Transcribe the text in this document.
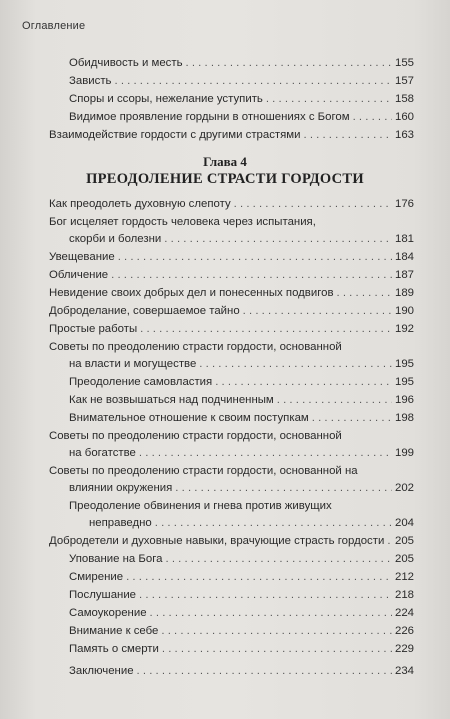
Оглавление
Обидчивость и месть . . .	155
Зависть . . .	157
Споры и ссоры, нежелание уступить . . .	158
Видимое проявление гордыни в отношениях с Богом . . .	160
Взаимодействие гордости с другими страстями . . .	163
Глава 4
ПРЕОДОЛЕНИЕ СТРАСТИ ГОРДОСТИ
Как преодолеть духовную слепоту . . .	176
Бог исцеляет гордость человека через испытания,
скорби и болезни . . .	181
Увещевание . . .	184
Обличение . . .	187
Невидение своих добрых дел и понесенных подвигов . . .	189
Доброделание, совершаемое тайно . . .	190
Простые работы . . .	192
Советы по преодолению страсти гордости, основанной
на власти и могуществе . . .	195
Преодоление самовластия . . .	195
Как не возвышаться над подчиненным . . .	196
Внимательное отношение к своим поступкам . . .	198
Советы по преодолению страсти гордости, основанной
на богатстве . . .	199
Советы по преодолению страсти гордости, основанной на
влиянии окружения . . .	202
Преодоление обвинения и гнева против живущих
неправедно . . .	204
Добродетели и духовные навыки, врачующие страсть гордости . . . 205
Упование на Бога . . .	205
Смирение . . .	212
Послушание . . .	218
Самоукорение . . .	224
Внимание к себе . . .	226
Память о смерти . . .	229
Заключение . . .	234
